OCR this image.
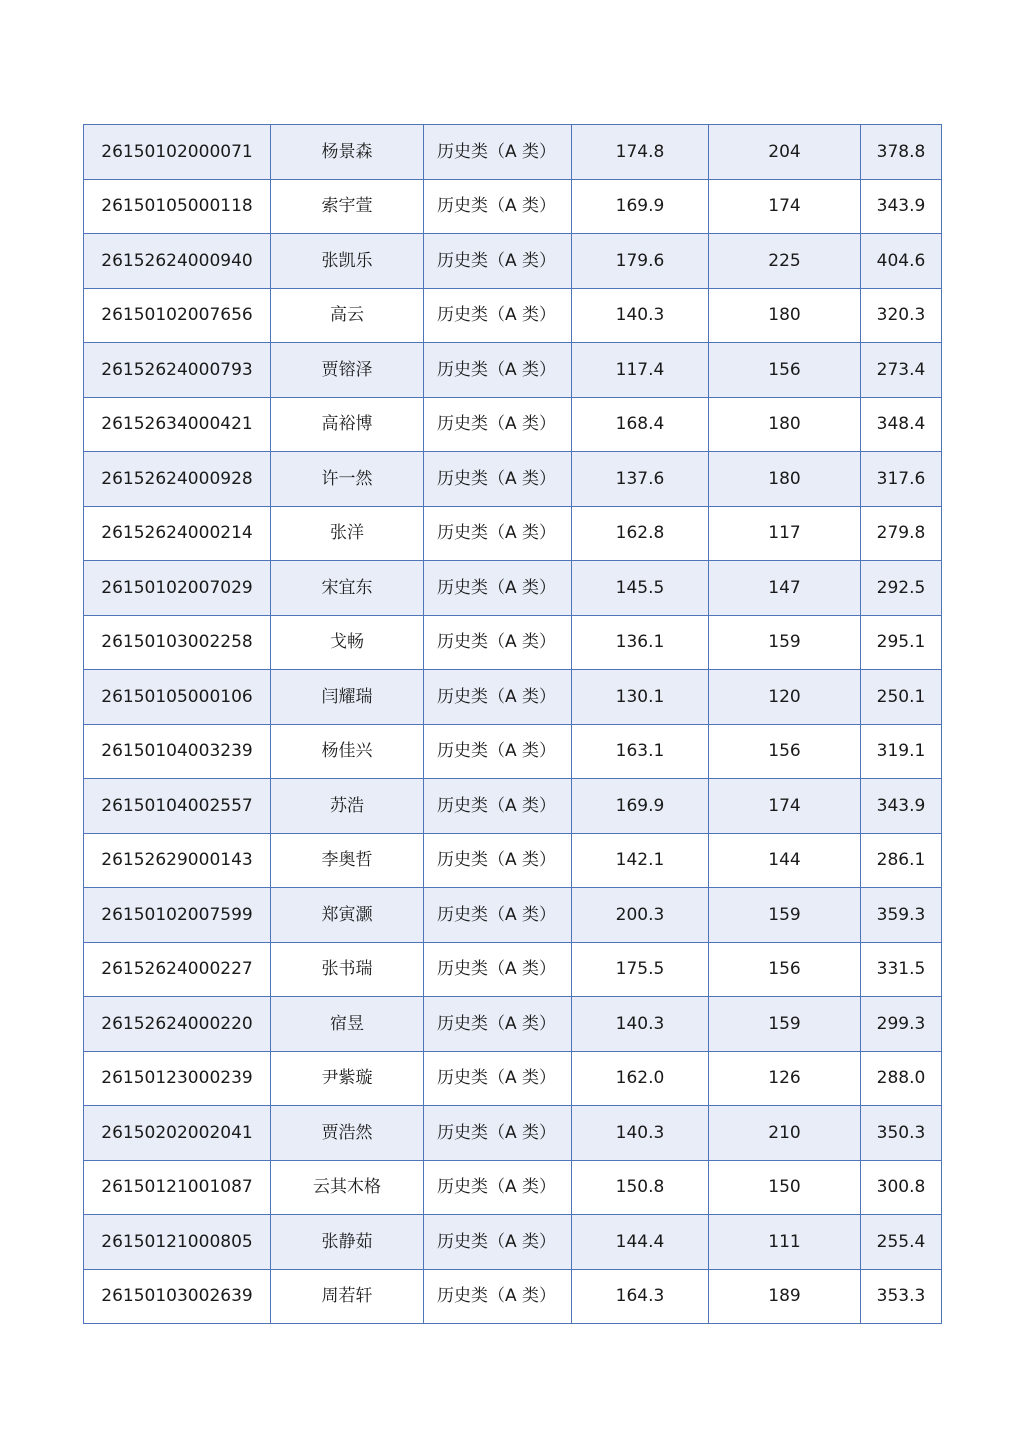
26150102000071	杨景森	历史类（A 类）	174.8	204	378.8
26150105000118	索宇萱	历史类（A 类）	169.9	174	343.9
26152624000940	张凯乐	历史类（A 类）	179.6	225	404.6
26150102007656	高云	历史类（A 类）	140.3	180	320.3
26152624000793	贾镕泽	历史类（A 类）	117.4	156	273.4
26152634000421	高裕博	历史类（A 类）	168.4	180	348.4
26152624000928	许一然	历史类（A 类）	137.6	180	317.6
26152624000214	张洋	历史类（A 类）	162.8	117	279.8
26150102007029	宋宜东	历史类（A 类）	145.5	147	292.5
26150103002258	戈畅	历史类（A 类）	136.1	159	295.1
26150105000106	闫耀瑞	历史类（A 类）	130.1	120	250.1
26150104003239	杨佳兴	历史类（A 类）	163.1	156	319.1
26150104002557	苏浩	历史类（A 类）	169.9	174	343.9
26152629000143	李奥哲	历史类（A 类）	142.1	144	286.1
26150102007599	郑寅灏	历史类（A 类）	200.3	159	359.3
26152624000227	张书瑞	历史类（A 类）	175.5	156	331.5
26152624000220	宿昱	历史类（A 类）	140.3	159	299.3
26150123000239	尹紫璇	历史类（A 类）	162.0	126	288.0
26150202002041	贾浩然	历史类（A 类）	140.3	210	350.3
26150121001087	云其木格	历史类（A 类）	150.8	150	300.8
26150121000805	张静茹	历史类（A 类）	144.4	111	255.4
26150103002639	周若轩	历史类（A 类）	164.3	189	353.3
